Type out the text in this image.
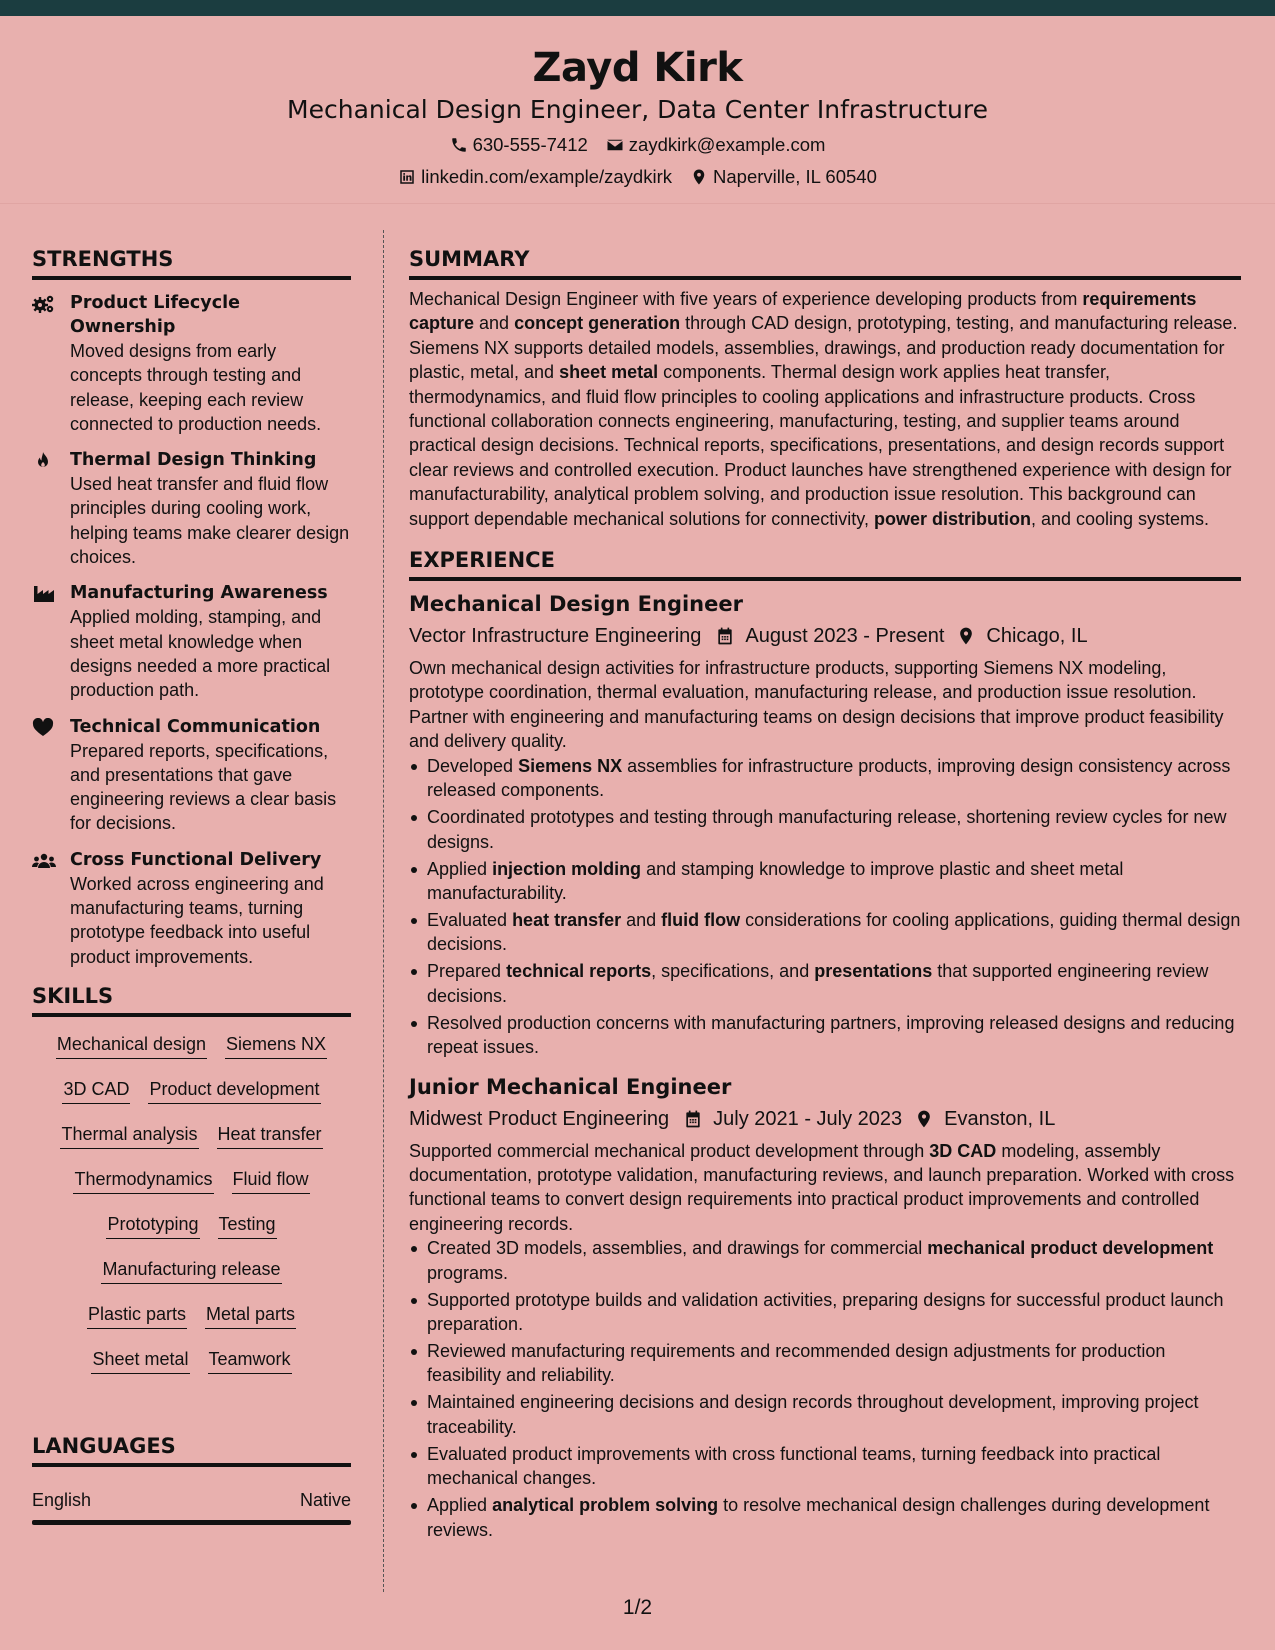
Zayd Kirk
Mechanical Design Engineer, Data Center Infrastructure
630-555-7412 zaydkirk@example.com
linkedin.com/example/zaydkirk Naperville, IL 60540
STRENGTHS
Product Lifecycle Ownership
Moved designs from early concepts through testing and release, keeping each review connected to production needs.
Thermal Design Thinking
Used heat transfer and fluid flow principles during cooling work, helping teams make clearer design choices.
Manufacturing Awareness
Applied molding, stamping, and sheet metal knowledge when designs needed a more practical production path.
Technical Communication
Prepared reports, specifications, and presentations that gave engineering reviews a clear basis for decisions.
Cross Functional Delivery
Worked across engineering and manufacturing teams, turning prototype feedback into useful product improvements.
SKILLS
Mechanical design Siemens NX
3D CAD Product development
Thermal analysis Heat transfer
Thermodynamics Fluid flow
Prototyping Testing
Manufacturing release
Plastic parts Metal parts
Sheet metal Teamwork
LANGUAGES
English	Native
SUMMARY

Mechanical Design Engineer with five years of experience developing products from requirements capture and concept generation through CAD design, prototyping, testing, and manufacturing release. Siemens NX supports detailed models, assemblies, drawings, and production ready documentation for plastic, metal, and sheet metal components. Thermal design work applies heat transfer, thermodynamics, and fluid flow principles to cooling applications and infrastructure products. Cross functional collaboration connects engineering, manufacturing, testing, and supplier teams around practical design decisions. Technical reports, specifications, presentations, and design records support clear reviews and controlled execution. Product launches have strengthened experience with design for manufacturability, analytical problem solving, and production issue resolution. This background can support dependable mechanical solutions for connectivity, power distribution, and cooling systems.

EXPERIENCE
Mechanical Design Engineer
Vector Infrastructure Engineering August 2023 - Present Chicago, IL

Own mechanical design activities for infrastructure products, supporting Siemens NX modeling, prototype coordination, thermal evaluation, manufacturing release, and production issue resolution. Partner with engineering and manufacturing teams on design decisions that improve product feasibility and delivery quality.

Developed Siemens NX assemblies for infrastructure products, improving design consistency across released components.
Coordinated prototypes and testing through manufacturing release, shortening review cycles for new designs.
Applied injection molding and stamping knowledge to improve plastic and sheet metal manufacturability.
Evaluated heat transfer and fluid flow considerations for cooling applications, guiding thermal design decisions.
Prepared technical reports, specifications, and presentations that supported engineering review decisions.
Resolved production concerns with manufacturing partners, improving released designs and reducing repeat issues.
Junior Mechanical Engineer
Midwest Product Engineering July 2021 - July 2023 Evanston, IL

Supported commercial mechanical product development through 3D CAD modeling, assembly documentation, prototype validation, manufacturing reviews, and launch preparation. Worked with cross functional teams to convert design requirements into practical product improvements and controlled engineering records.

Created 3D models, assemblies, and drawings for commercial mechanical product development programs.
Supported prototype builds and validation activities, preparing designs for successful product launch preparation.
Reviewed manufacturing requirements and recommended design adjustments for production feasibility and reliability.
Maintained engineering decisions and design records throughout development, improving project traceability.
Evaluated product improvements with cross functional teams, turning feedback into practical mechanical changes.
Applied analytical problem solving to resolve mechanical design challenges during development reviews.
1/2
